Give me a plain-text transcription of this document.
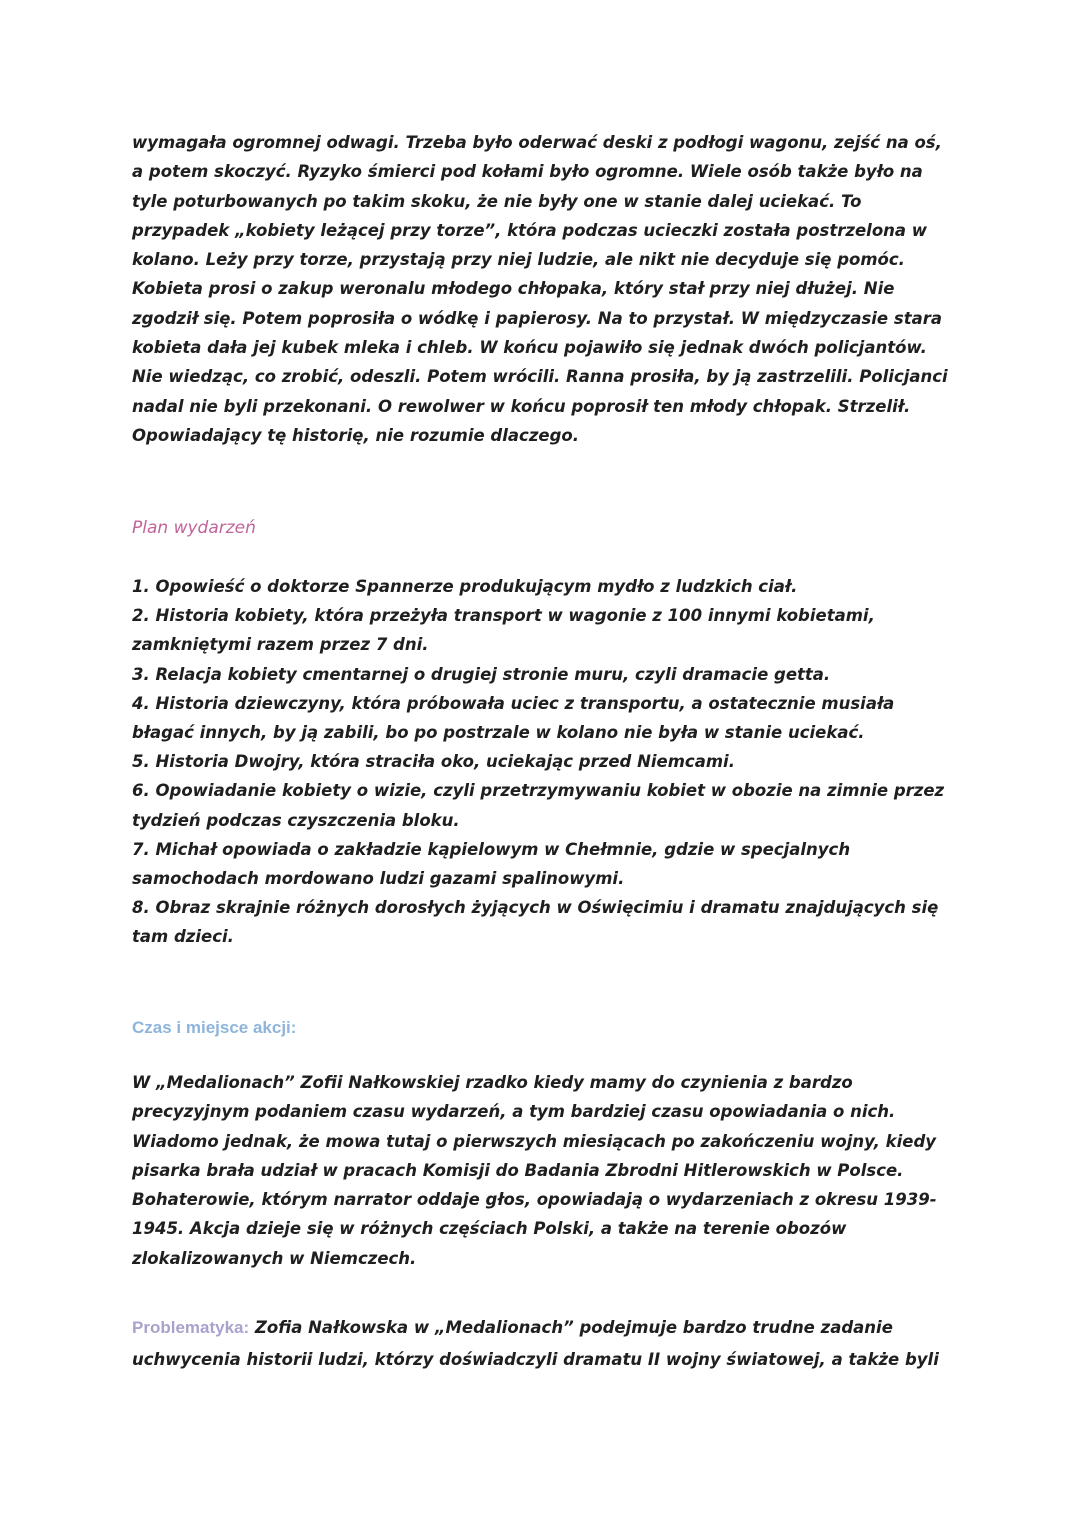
wymagała ogromnej odwagi. Trzeba było oderwać deski z podłogi wagonu, zejść na oś, a potem skoczyć. Ryzyko śmierci pod kołami było ogromne. Wiele osób także było na tyle poturbowanych po takim skoku, że nie były one w stanie dalej uciekać. To przypadek „kobiety leżącej przy torze”, która podczas ucieczki została postrzelona w kolano. Leży przy torze, przystają przy niej ludzie, ale nikt nie decyduje się pomóc. Kobieta prosi o zakup weronalu młodego chłopaka, który stał przy niej dłużej. Nie zgodził się. Potem poprosiła o wódkę i papierosy. Na to przystał. W międzyczasie stara kobieta dała jej kubek mleka i chleb. W końcu pojawiło się jednak dwóch policjantów. Nie wiedząc, co zrobić, odeszli. Potem wrócili. Ranna prosiła, by ją zastrzelili. Policjanci nadal nie byli przekonani. O rewolwer w końcu poprosił ten młody chłopak. Strzelił. Opowiadający tę historię, nie rozumie dlaczego.

Plan wydarzeń
1. Opowieść o doktorze Spannerze produkującym mydło z ludzkich ciał.
2. Historia kobiety, która przeżyła transport w wagonie z 100 innymi kobietami, zamkniętymi razem przez 7 dni.
3. Relacja kobiety cmentarnej o drugiej stronie muru, czyli dramacie getta.
4. Historia dziewczyny, która próbowała uciec z transportu, a ostatecznie musiała błagać innych, by ją zabili, bo po postrzale w kolano nie była w stanie uciekać.
5. Historia Dwojry, która straciła oko, uciekając przed Niemcami.
6. Opowiadanie kobiety o wizie, czyli przetrzymywaniu kobiet w obozie na zimnie przez tydzień podczas czyszczenia bloku.
7. Michał opowiada o zakładzie kąpielowym w Chełmnie, gdzie w specjalnych samochodach mordowano ludzi gazami spalinowymi.
8. Obraz skrajnie różnych dorosłych żyjących w Oświęcimiu i dramatu znajdujących się tam dzieci.
Czas i miejsce akcji:

W „Medalionach” Zofii Nałkowskiej rzadko kiedy mamy do czynienia z bardzo precyzyjnym podaniem czasu wydarzeń, a tym bardziej czasu opowiadania o nich. Wiadomo jednak, że mowa tutaj o pierwszych miesiącach po zakończeniu wojny, kiedy pisarka brała udział w pracach Komisji do Badania Zbrodni Hitlerowskich w Polsce. Bohaterowie, którym narrator oddaje głos, opowiadają o wydarzeniach z okresu 1939-1945. Akcja dzieje się w różnych częściach Polski, a także na terenie obozów zlokalizowanych w Niemczech.

Problematyka: Zofia Nałkowska w „Medalionach” podejmuje bardzo trudne zadanie uchwycenia historii ludzi, którzy doświadczyli dramatu II wojny światowej, a także byli
